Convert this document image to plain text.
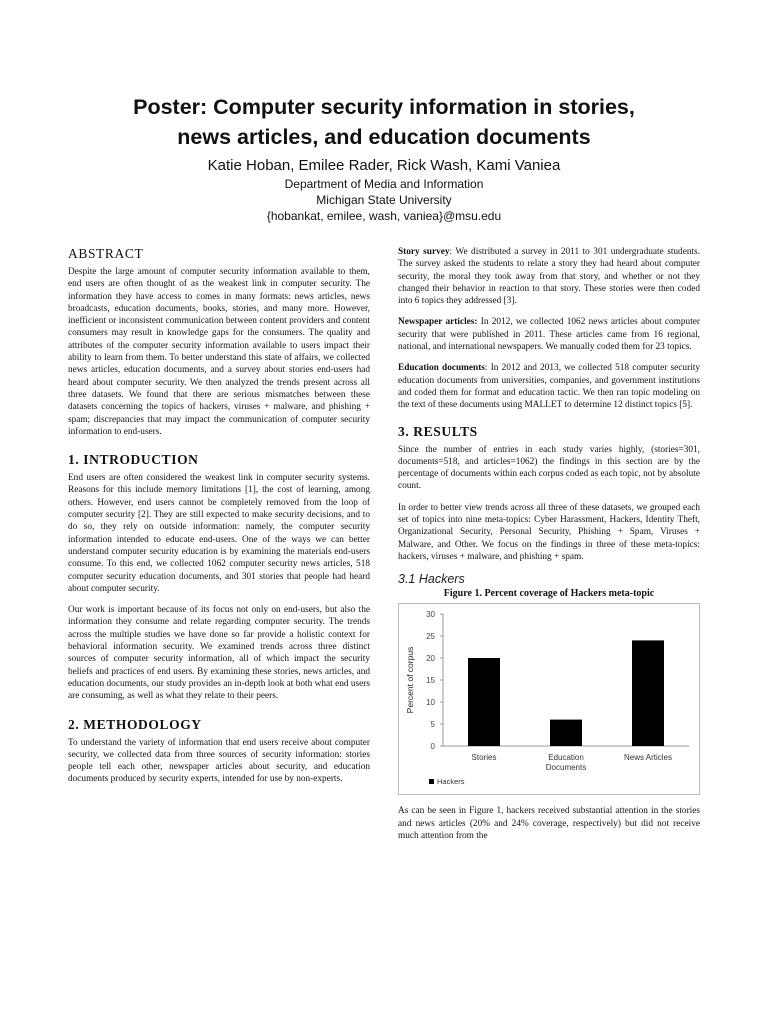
Poster: Computer security information in stories,
news articles, and education documents
Katie Hoban, Emilee Rader, Rick Wash, Kami Vaniea
Department of Media and Information
Michigan State University
{hobankat, emilee, wash, vaniea}@msu.edu
ABSTRACT

Despite the large amount of computer security information available to them, end users are often thought of as the weakest link in computer security. The information they have access to comes in many formats: news articles, news broadcasts, education documents, books, stories, and many more. However, inefficient or inconsistent communication between content providers and content consumers may result in knowledge gaps for the consumers. The quality and attributes of the computer security information available to users impact their ability to learn from them. To better understand this state of affairs, we collected news articles, education documents, and a survey about stories end-users had heard about computer security. We then analyzed the trends present across all three datasets. We found that there are serious mismatches between these datasets concerning the topics of hackers, viruses + malware, and phishing + spam; discrepancies that may impact the communication of computer security information to end-users.

1. INTRODUCTION

End users are often considered the weakest link in computer security systems. Reasons for this include memory limitations [1], the cost of learning, among others. However, end users cannot be completely removed from the loop of computer security [2]. They are still expected to make security decisions, and to do so, they rely on outside information: namely, the computer security information intended to educate end-users. One of the ways we can better understand computer security education is by examining the materials end-users consume. To this end, we collected 1062 computer security news articles, 518 computer security education documents, and 301 stories that people had heard about computer security.

Our work is important because of its focus not only on end-users, but also the information they consume and relate regarding computer security. The trends across the multiple studies we have done so far provide a holistic context for behavioral information security. We examined trends across three distinct sources of computer security information, all of which impact the security beliefs and practices of end users. By examining these stories, news articles, and education documents, our study provides an in-depth look at both what end users are consuming, as well as what they relate to their peers.

2. METHODOLOGY

To understand the variety of information that end users receive about computer security, we collected data from three sources of security information: stories people tell each other, newspaper articles about security, and education documents produced by security experts, intended for use by non-experts.

Story survey: We distributed a survey in 2011 to 301 undergraduate students. The survey asked the students to relate a story they had heard about computer security, the moral they took away from that story, and whether or not they changed their behavior in reaction to that story. These stories were then coded into 6 topics they addressed [3].

Newspaper articles: In 2012, we collected 1062 news articles about computer security that were published in 2011. These articles came from 16 regional, national, and international newspapers. We manually coded them for 23 topics.

Education documents: In 2012 and 2013, we collected 518 computer security education documents from universities, companies, and government institutions and coded them for format and education tactic. We then ran topic modeling on the text of these documents using MALLET to determine 12 distinct topics [5].

3. RESULTS

Since the number of entries in each study varies highly, (stories=301, documents=518, and articles=1062) the findings in this section are by the percentage of documents within each corpus coded as each topic, not by absolute count.

In order to better view trends across all three of these datasets, we grouped each set of topics into nine meta-topics: Cyber Harassment, Hackers, Identity Theft, Organizational Security, Personal Security, Phishing + Spam, Viruses + Malware, and Other. We focus on the findings in three of these meta-topics: hackers, viruses + malware, and phishing + spam.

3.1 Hackers
Figure 1. Percent coverage of Hackers meta-topic
0
5
10
15
20
25
30
Percent of corpus
Stories	Education
Documents
News Articles
Hackers

As can be seen in Figure 1, hackers received substantial attention in the stories and news articles (20% and 24% coverage, respectively) but did not receive much attention from the
